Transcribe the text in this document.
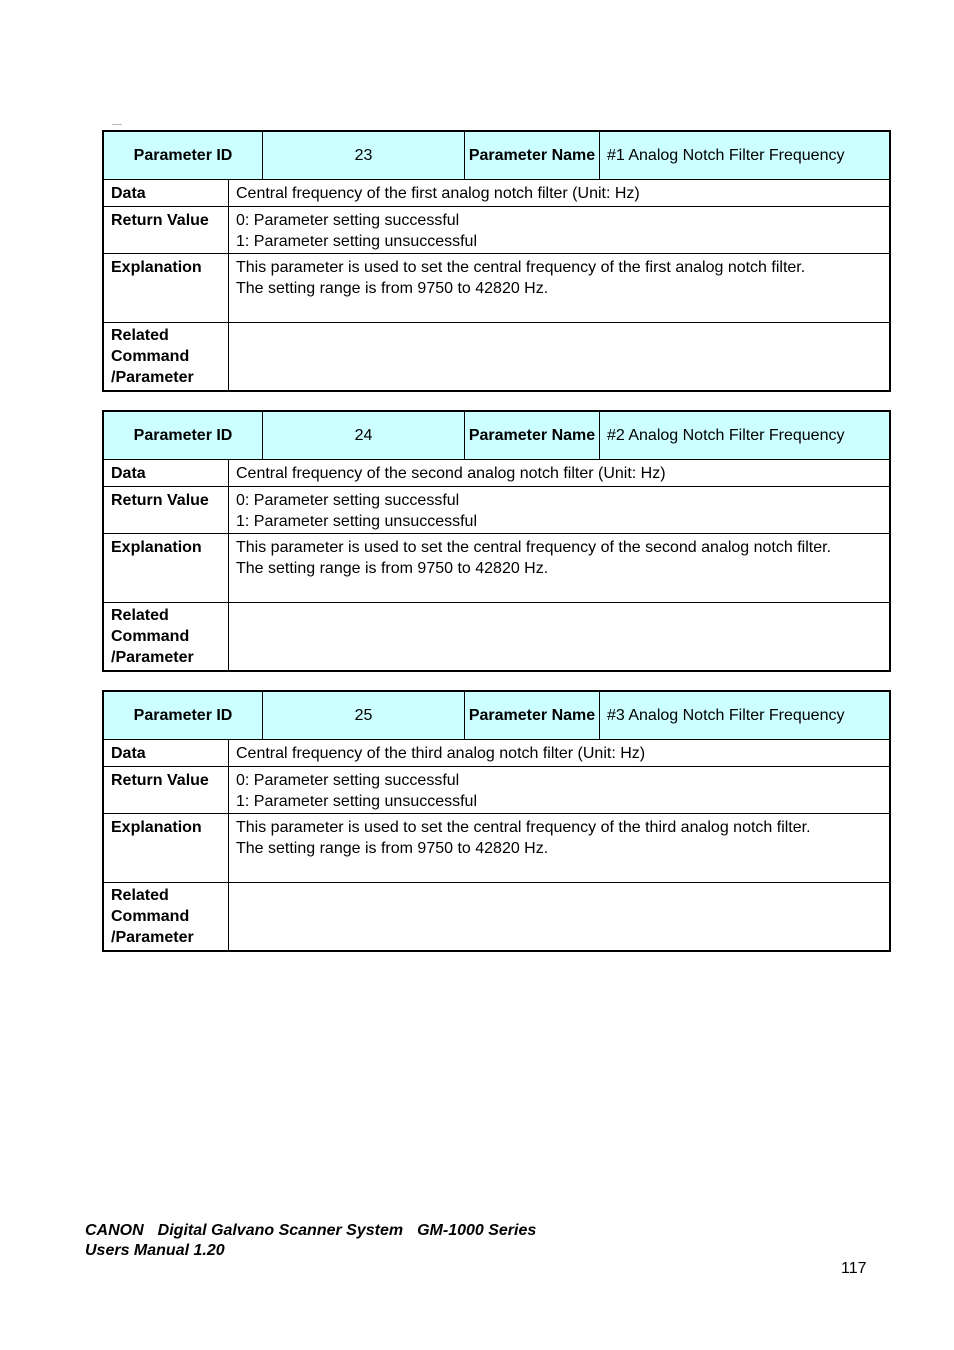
Parameter ID	23	Parameter Name #1 Analog Notch Filter Frequency
Data	Central frequency of the first analog notch filter (Unit: Hz)
Return Value	0: Parameter setting successful
1: Parameter setting unsuccessful
Explanation	This parameter is used to set the central frequency of the first analog notch filter.
The setting range is from 9750 to 42820 Hz.
Related
Command
/Parameter
Parameter ID	24	Parameter Name #2 Analog Notch Filter Frequency
Data	Central frequency of the second analog notch filter (Unit: Hz)
Return Value	0: Parameter setting successful
1: Parameter setting unsuccessful
Explanation	This parameter is used to set the central frequency of the second analog notch filter.
The setting range is from 9750 to 42820 Hz.
Related
Command
/Parameter
Parameter ID	25	Parameter Name #3 Analog Notch Filter Frequency
Data	Central frequency of the third analog notch filter (Unit: Hz)
Return Value	0: Parameter setting successful
1: Parameter setting unsuccessful
Explanation	This parameter is used to set the central frequency of the third analog notch filter.
The setting range is from 9750 to 42820 Hz.
Related
Command
/Parameter
CANON Digital Galvano Scanner System GM-1000 Series
Users Manual 1.20
117
